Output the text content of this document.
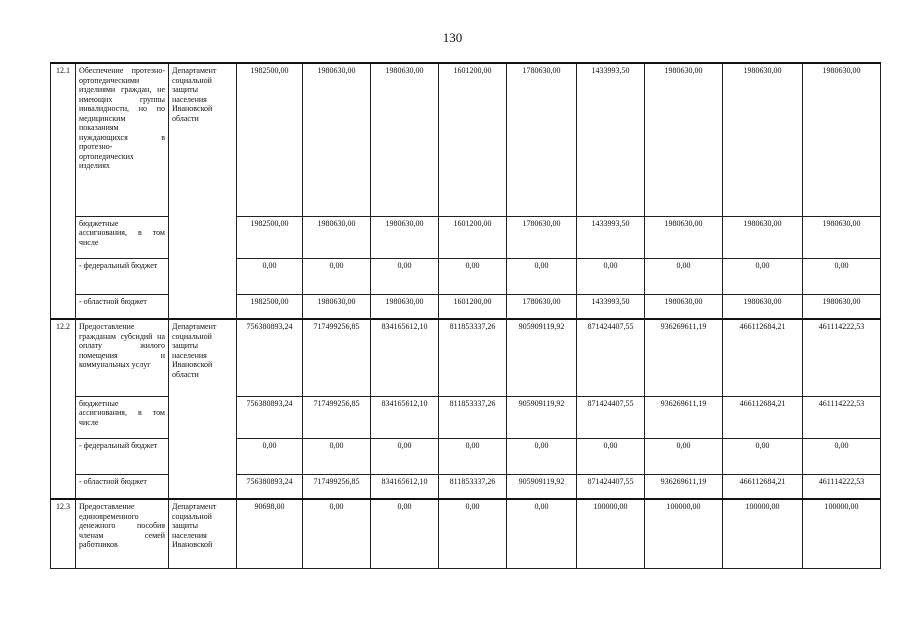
130
12.1	Обеспечение протезно-ортопедическими изделиями граждан, не имеющих группы инвалидности, но по медицинским показаниям нуждающихся в протезно-ортопедических изделиях	Департамент социальной защиты населения Ивановской области	1982500,00	1980630,00	1980630,00	1601200,00	1780630,00	1433993,50	1980630,00	1980630,00	1980630,00
	бюджетные ассигнования, в том числе		1982500,00	1980630,00	1980630,00	1601200,00	1780630,00	1433993,50	1980630,00	1980630,00	1980630,00
	- федеральный бюджет		0,00	0,00	0,00	0,00	0,00	0,00	0,00	0,00	0,00
	- областной бюджет		1982500,00	1980630,00	1980630,00	1601200,00	1780630,00	1433993,50	1980630,00	1980630,00	1980630,00
12.2	Предоставление гражданам субсидий на оплату жилого помещения и коммунальных услуг	Департамент социальной защиты населения Ивановской области	756380893,24	717499256,85	834165612,10	811853337,26	905909119,92	871424407,55	936269611,19	466112684,21	461114222,53
	бюджетные ассигнования, в том числе		756380893,24	717499256,85	834165612,10	811853337,26	905909119,92	871424407,55	936269611,19	466112684,21	461114222,53
	- федеральный бюджет		0,00	0,00	0,00	0,00	0,00	0,00	0,00	0,00	0,00
	- областной бюджет		756380893,24	717499256,85	834165612,10	811853337,26	905909119,92	871424407,55	936269611,19	466112684,21	461114222,53
12.3	Предоставление единовременного денежного пособия членам семей работников	Департамент социальной защиты населения Ивановской	90698,00	0,00	0,00	0,00	0,00	100000,00	100000,00	100000,00	100000,00
